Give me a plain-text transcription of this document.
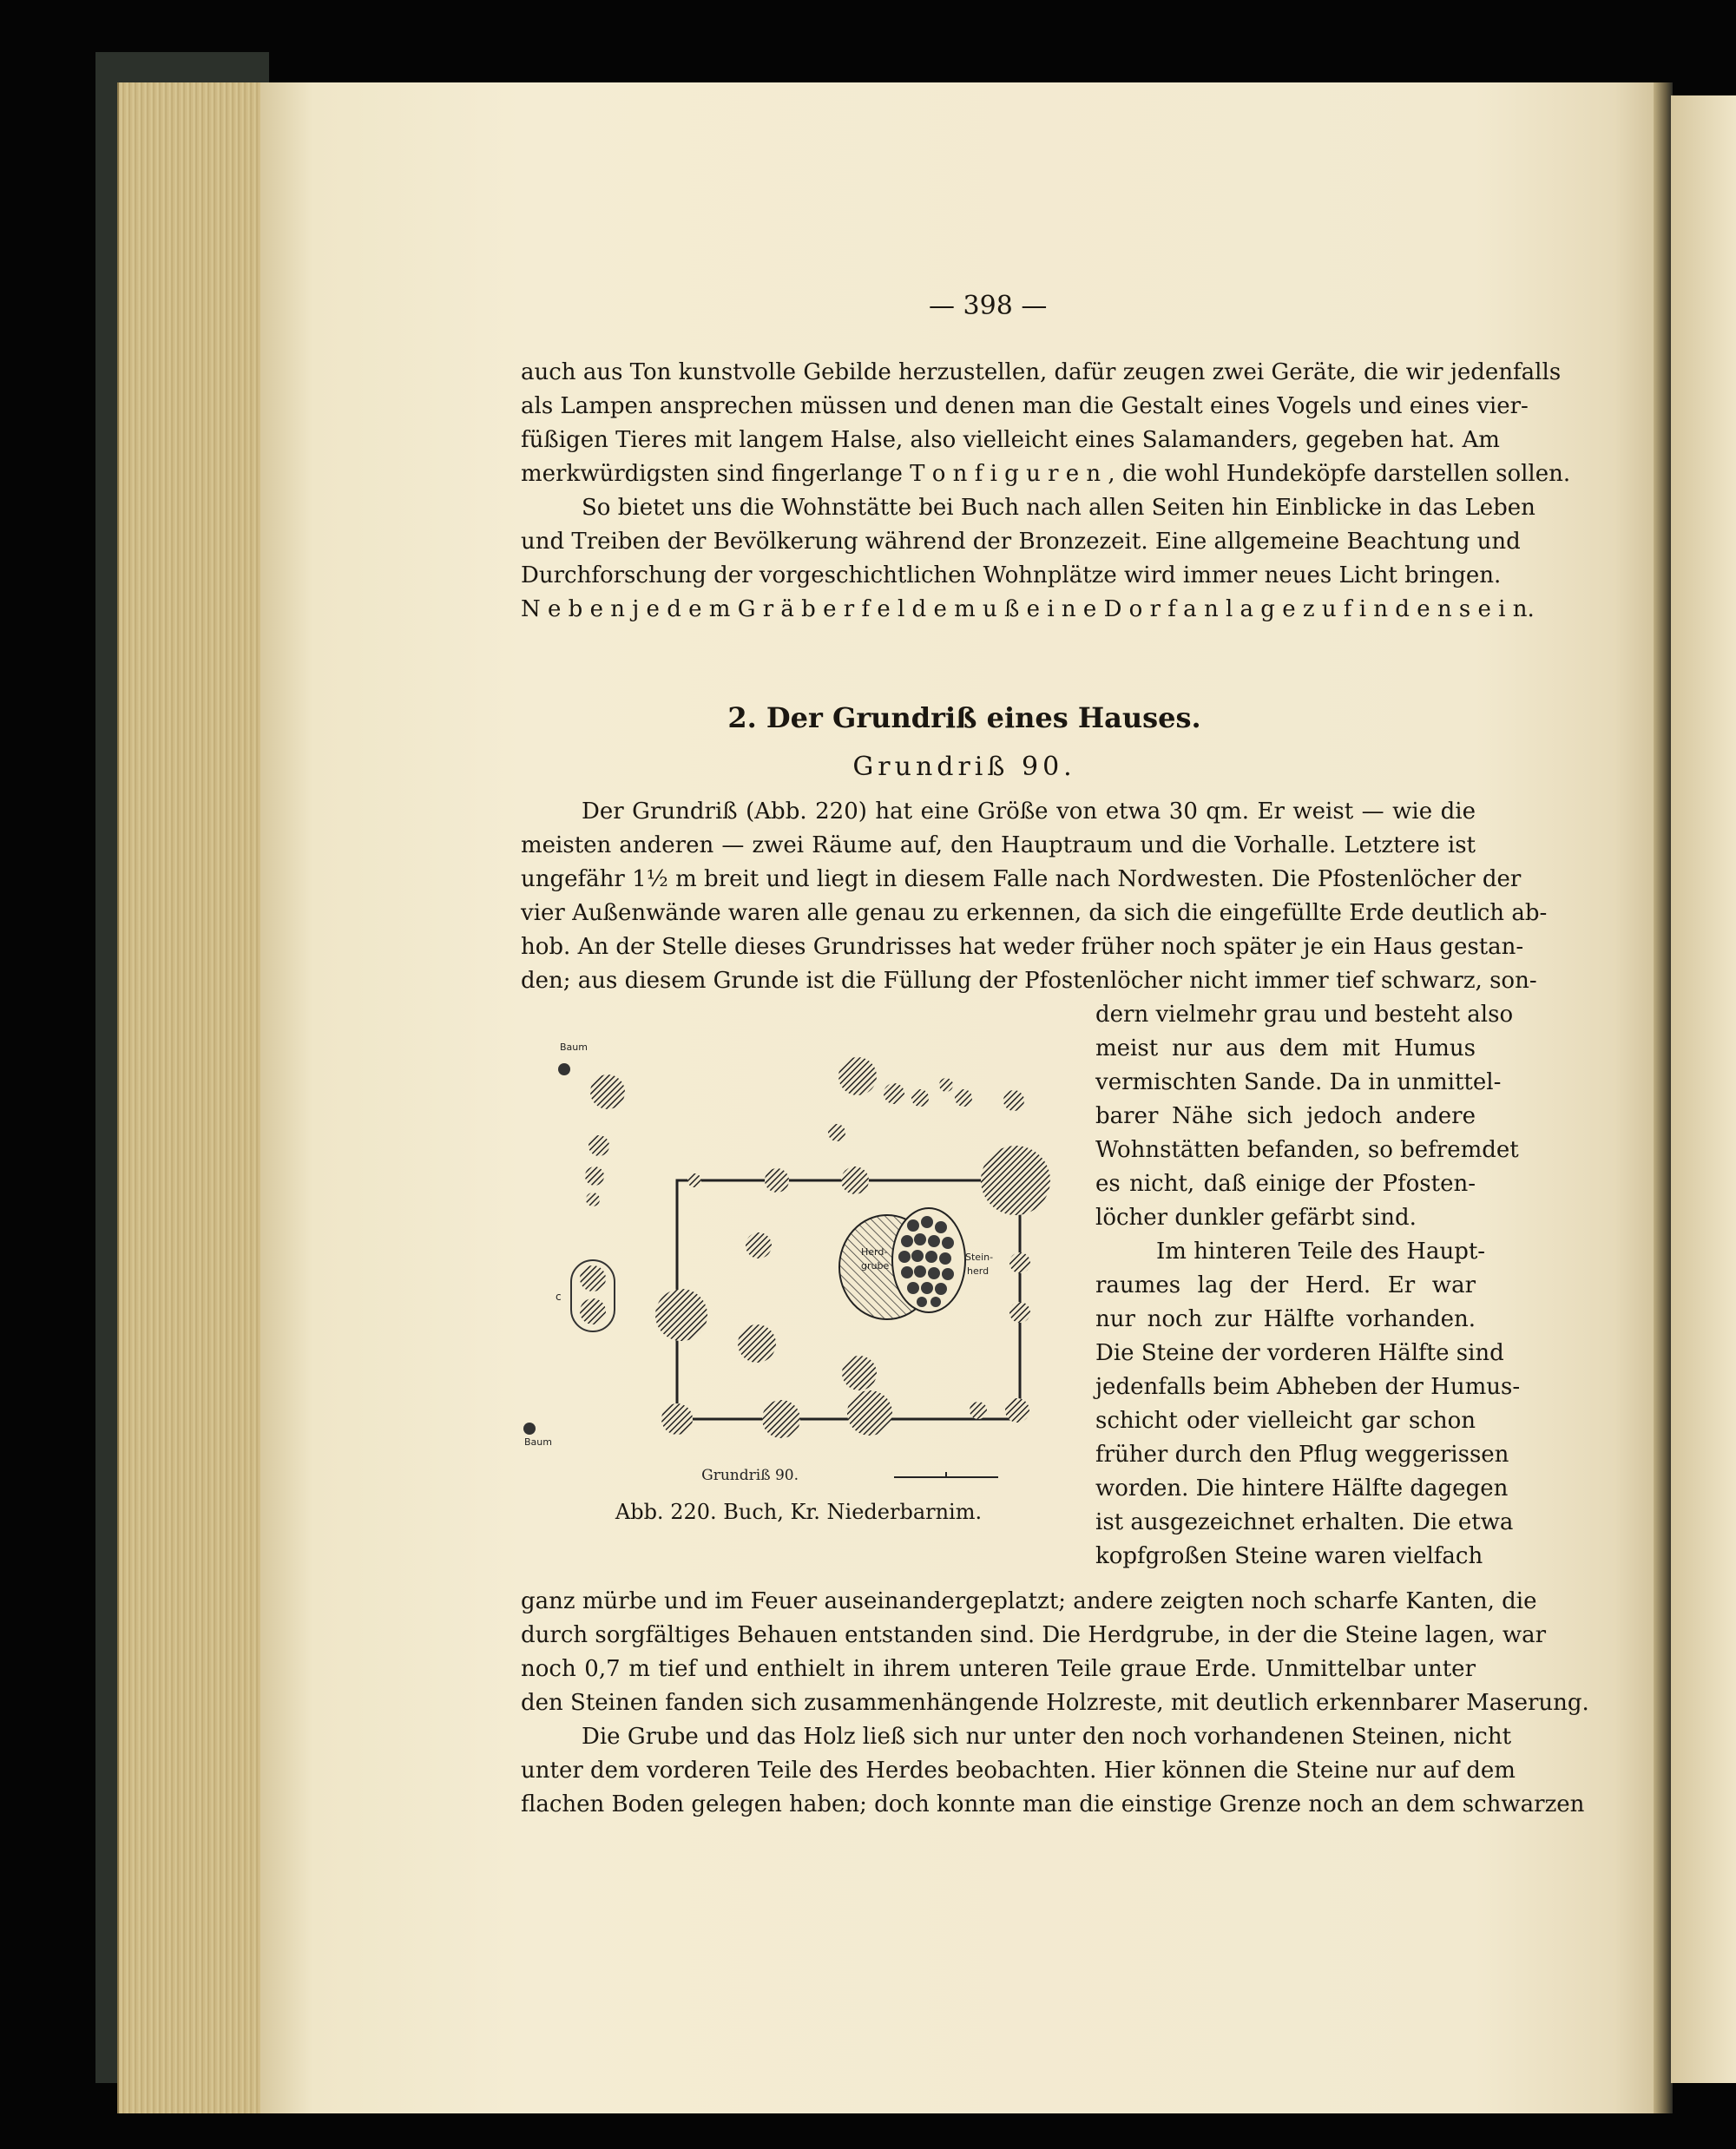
— 398 —
auch aus Ton kunstvolle Gebilde herzustellen, dafür zeugen zwei Geräte, die wir jedenfalls
als Lampen ansprechen müssen und denen man die Gestalt eines Vogels und eines vier-
füßigen Tieres mit langem Halse, also vielleicht eines Salamanders, gegeben hat. Am
merkwürdigsten sind fingerlange T o n f i g u r e n , die wohl Hundeköpfe darstellen sollen.
So bietet uns die Wohnstätte bei Buch nach allen Seiten hin Einblicke in das Leben
und Treiben der Bevölkerung während der Bronzezeit. Eine allgemeine Beachtung und
Durchforschung der vorgeschichtlichen Wohnplätze wird immer neues Licht bringen.
N e b e n j e d e m G r ä b e r f e l d e m u ß e i n e D o r f a n l a g e z u f i n d e n s e i n.
2. Der Grundriß eines Hauses.
Grundriß 90.
Der Grundriß (Abb. 220) hat eine Größe von etwa 30 qm. Er weist — wie die
meisten anderen — zwei Räume auf, den Hauptraum und die Vorhalle. Letztere ist
ungefähr 1½ m breit und liegt in diesem Falle nach Nordwesten. Die Pfostenlöcher der
vier Außenwände waren alle genau zu erkennen, da sich die eingefüllte Erde deutlich ab-
hob. An der Stelle dieses Grundrisses hat weder früher noch später je ein Haus gestan-
den; aus diesem Grunde ist die Füllung der Pfostenlöcher nicht immer tief schwarz, son-
dern vielmehr grau und besteht also
meist nur aus dem mit Humus
vermischten Sande. Da in unmittel-
barer Nähe sich jedoch andere
Wohnstätten befanden, so befremdet
es nicht, daß einige der Pfosten-
löcher dunkler gefärbt sind.
Im hinteren Teile des Haupt-
raumes lag der Herd. Er war
nur noch zur Hälfte vorhanden.
Die Steine der vorderen Hälfte sind
jedenfalls beim Abheben der Humus-
schicht oder vielleicht gar schon
früher durch den Pflug weggerissen
worden. Die hintere Hälfte dagegen
ist ausgezeichnet erhalten. Die etwa
kopfgroßen Steine waren vielfach
Baum
Baum
c
Herd-
grube
Stein-
herd
Grundriß 90.
Abb. 220. Buch, Kr. Niederbarnim.
ganz mürbe und im Feuer auseinandergeplatzt; andere zeigten noch scharfe Kanten, die
durch sorgfältiges Behauen entstanden sind. Die Herdgrube, in der die Steine lagen, war
noch 0,7 m tief und enthielt in ihrem unteren Teile graue Erde. Unmittelbar unter
den Steinen fanden sich zusammenhängende Holzreste, mit deutlich erkennbarer Maserung.
Die Grube und das Holz ließ sich nur unter den noch vorhandenen Steinen, nicht
unter dem vorderen Teile des Herdes beobachten. Hier können die Steine nur auf dem
flachen Boden gelegen haben; doch konnte man die einstige Grenze noch an dem schwarzen
